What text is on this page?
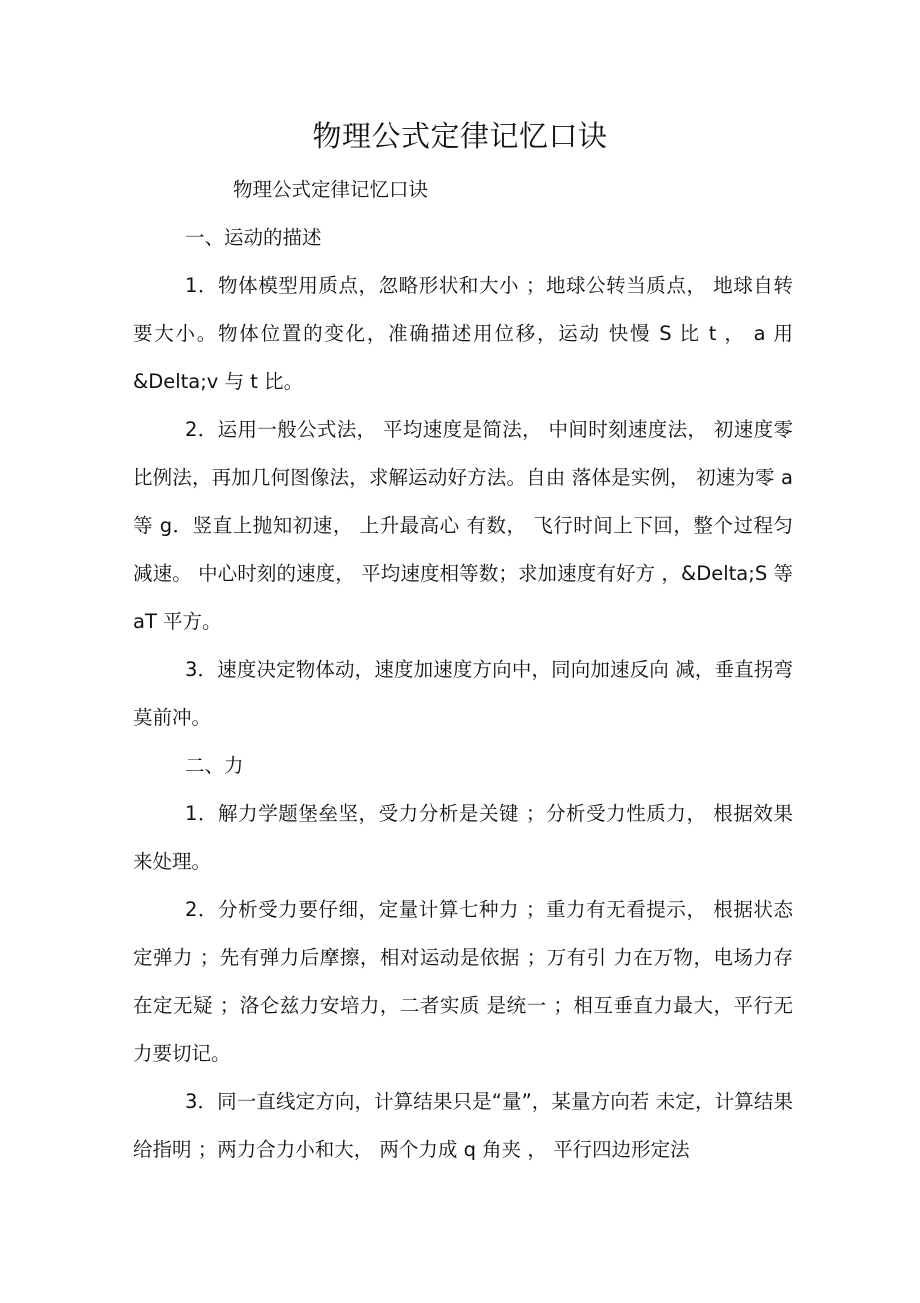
物理公式定律记忆口诀
物理公式定律记忆口诀
一、运动的描述

1．物体模型用质点，忽略形状和大小 ；地球公转当质点， 地球自转要大小。物体位置的变化，准确描述用位移，运动 快慢 S 比 t ， a 用 &Delta;v 与 t 比。

2．运用一般公式法， 平均速度是简法， 中间时刻速度法， 初速度零比例法，再加几何图像法，求解运动好方法。自由 落体是实例， 初速为零 a 等 g．竖直上抛知初速， 上升最高心 有数， 飞行时间上下回，整个过程匀减速。 中心时刻的速度， 平均速度相等数；求加速度有好方 ，&Delta;S 等 aT 平方。

3．速度决定物体动，速度加速度方向中，同向加速反向 减，垂直拐弯莫前冲。

二、力

1．解力学题堡垒坚，受力分析是关键 ；分析受力性质力， 根据效果来处理。

2．分析受力要仔细，定量计算七种力 ；重力有无看提示， 根据状态定弹力 ；先有弹力后摩擦，相对运动是依据 ；万有引 力在万物，电场力存在定无疑 ；洛仑兹力安培力，二者实质 是统一 ；相互垂直力最大，平行无力要切记。

3．同一直线定方向，计算结果只是“量”，某量方向若 未定，计算结果给指明 ；两力合力小和大， 两个力成 q 角夹 ， 平行四边形定法
